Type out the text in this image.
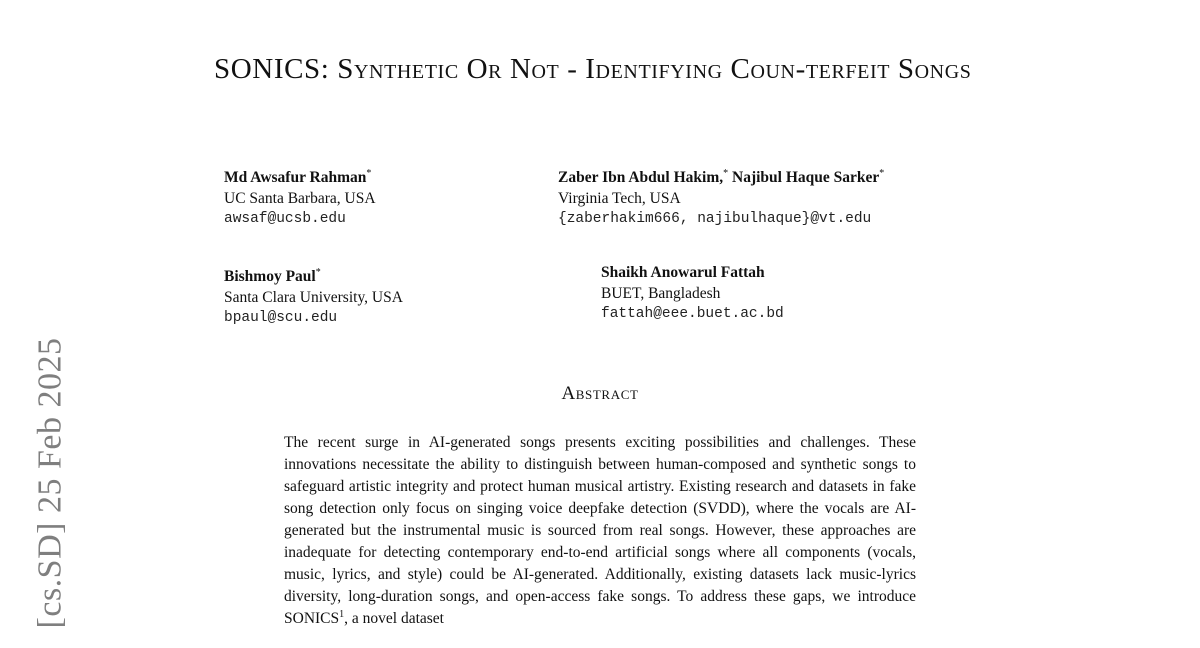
[cs.SD] 25 Feb 2025
SONICS: Synthetic Or Not - Identifying Coun-terfeit Songs
Md Awsafur Rahman*
UC Santa Barbara, USA
awsaf@ucsb.edu
Zaber Ibn Abdul Hakim,* Najibul Haque Sarker*
Virginia Tech, USA
{zaberhakim666, najibulhaque}@vt.edu
Bishmoy Paul*
Santa Clara University, USA
bpaul@scu.edu
Shaikh Anowarul Fattah
BUET, Bangladesh
fattah@eee.buet.ac.bd
Abstract

The recent surge in AI-generated songs presents exciting possibilities and challenges. These innovations necessitate the ability to distinguish between human-composed and synthetic songs to safeguard artistic integrity and protect human musical artistry. Existing research and datasets in fake song detection only focus on singing voice deepfake detection (SVDD), where the vocals are AI-generated but the instrumental music is sourced from real songs. However, these approaches are inadequate for detecting contemporary end-to-end artificial songs where all components (vocals, music, lyrics, and style) could be AI-generated. Additionally, existing datasets lack music-lyrics diversity, long-duration songs, and open-access fake songs. To address these gaps, we introduce SONICS$^1$, a novel dataset
